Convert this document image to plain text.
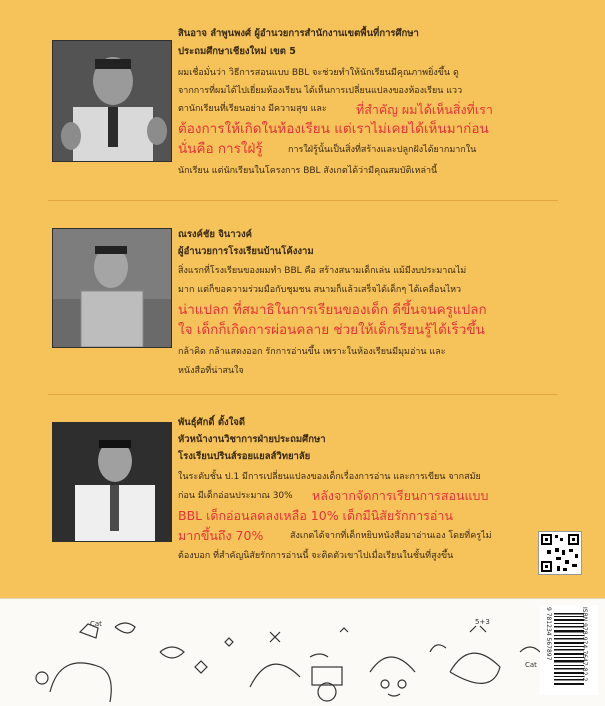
สินอาจ ลำพูนพงศ์ ผู้อำนวยการสำนักงานเขตพื้นที่การศึกษา
ประถมศึกษาเชียงใหม่ เขต 5
ผมเชื่อมั่นว่า วิธีการสอนแบบ BBL จะช่วยทำให้นักเรียนมีคุณภาพยิ่งขึ้น ดู
จากการที่ผมได้ไปเยี่ยมห้องเรียน ได้เห็นการเปลี่ยนแปลงของห้องเรียน แวว
ตานักเรียนที่เรียนอย่าง มีความสุข และ ที่สำคัญ ผมได้เห็นสิ่งที่เรา
ต้องการให้เกิดในห้องเรียน แต่เราไม่เคยได้เห็นมาก่อน
นั่นคือ การใฝ่รู้	การใฝ่รู้นั้นเป็นสิ่งที่สร้างและปลูกฝังได้ยากมากใน
นักเรียน แต่นักเรียนในโครงการ BBL สังเกตได้ว่ามีคุณสมบัติเหล่านี้
ณรงค์ชัย จินาวงค์
ผู้อำนวยการโรงเรียนบ้านโค้งงาม
สิ่งแรกที่โรงเรียนของผมทำ BBL คือ สร้างสนามเด็กเล่น แม้มีงบประมาณไม่
มาก แต่ก็ขอความร่วมมือกับชุมชน สนามก็แล้วเสร็จได้เด็กๆ ได้เคลื่อนไหว
น่าแปลก ที่สมาธิในการเรียนของเด็ก ดีขึ้นจนครูแปลก
ใจ เด็กก็เกิดการผ่อนคลาย ช่วยให้เด็กเรียนรู้ได้เร็วขึ้น
กล้าคิด กล้าแสดงออก รักการอ่านขึ้น เพราะในห้องเรียนมีมุมอ่าน และ
หนังสือที่น่าสนใจ
พันธุ์ศักดิ์ ตั้งใจดี
หัวหน้างานวิชาการฝ่ายประถมศึกษา
โรงเรียนปรินส์รอยแยลส์วิทยาลัย
ในระดับชั้น ป.1 มีการเปลี่ยนแปลงของเด็กเรื่องการอ่าน และการเขียน จากสมัย
ก่อน มีเด็กอ่อนประมาณ 30% หลังจากจัดการเรียนการสอนแบบ
BBL เด็กอ่อนลดลงเหลือ 10% เด็กมีนิสัยรักการอ่าน
มากขึ้นถึง 70%	สังเกตได้จากที่เด็กหยิบหนังสือมาอ่านเอง โดยที่ครูไม่
ต้องบอก ที่สำคัญนิสัยรักการอ่านนี้ จะติดตัวเขาไปเมื่อเรียนในชั้นที่สูงขึ้น
Cat	5+3
Cat	ISBN 978-974-7647-82-2
9 781234 567897
